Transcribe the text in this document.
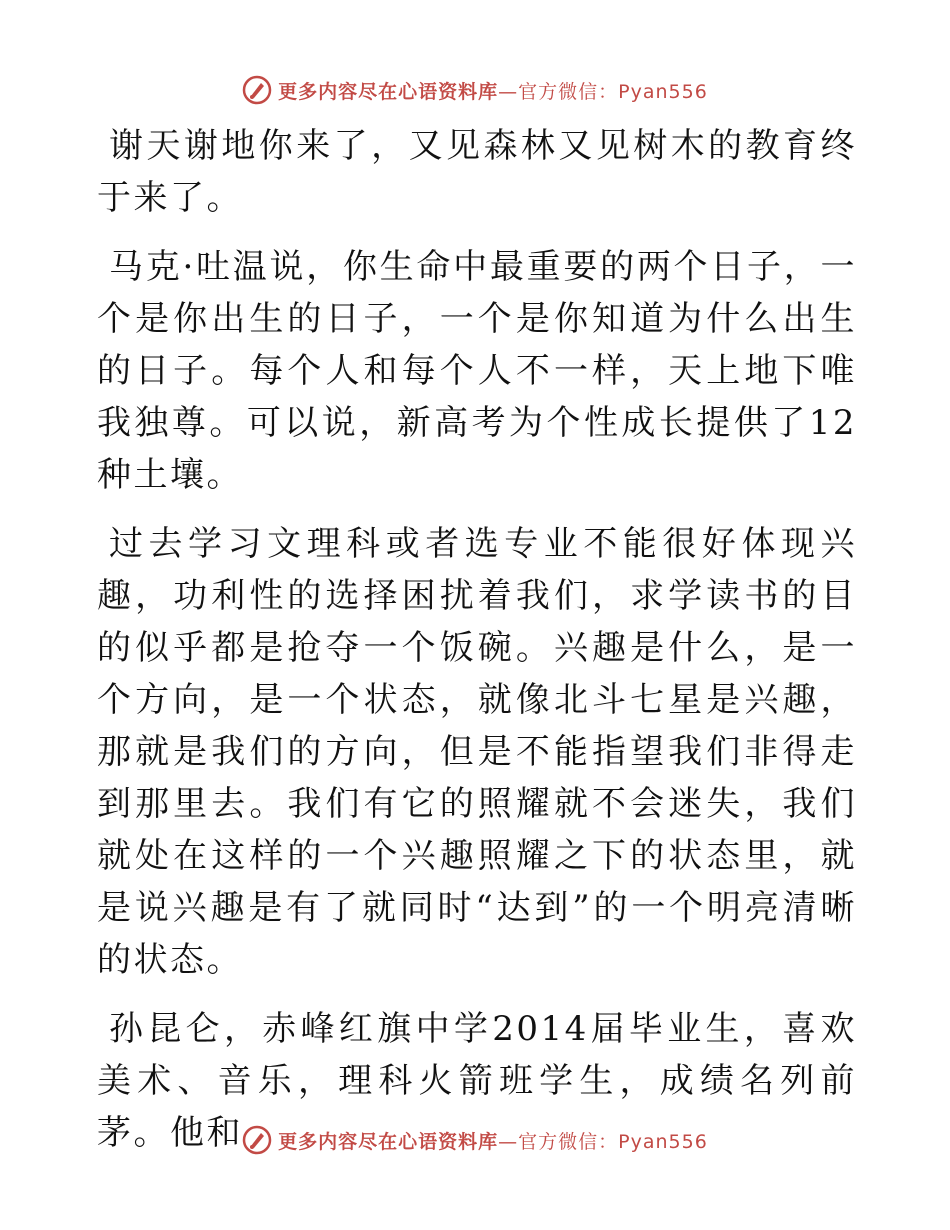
更多内容尽在心语资料库—官方微信：Pyan556

谢天谢地你来了，又见森林又见树木的教育终于来了。

马克·吐温说，你生命中最重要的两个日子，一个是你出生的日子，一个是你知道为什么出生的日子。每个人和每个人不一样，天上地下唯我独尊。可以说，新高考为个性成长提供了12种土壤。

过去学习文理科或者选专业不能很好体现兴趣，功利性的选择困扰着我们，求学读书的目的似乎都是抢夺一个饭碗。兴趣是什么，是一个方向，是一个状态，就像北斗七星是兴趣，那就是我们的方向，但是不能指望我们非得走到那里去。我们有它的照耀就不会迷失，我们就处在这样的一个兴趣照耀之下的状态里，就是说兴趣是有了就同时“达到”的一个明亮清晰的状态。

孙昆仑，赤峰红旗中学2014届毕业生，喜欢美术、音乐，理科火箭班学生，成绩名列前茅。他和	更多内容尽在心语资料库—官方微信：Pyan556
